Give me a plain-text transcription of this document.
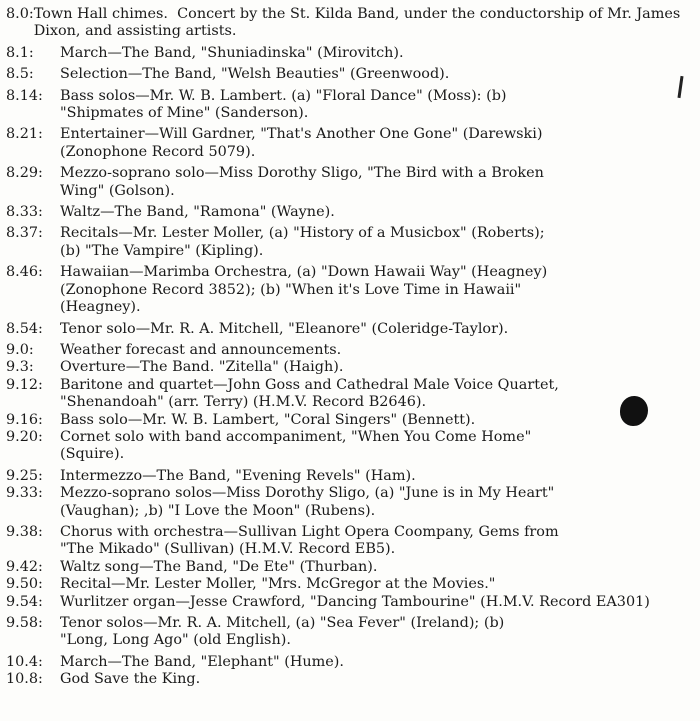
8.0: Town Hall chimes.  Concert by the St. Kilda Band, under the conductorship of Mr. James Dixon, and assisting artists.
8.1:	March—The Band, "Shuniadinska" (Mirovitch).
8.5:	Selection—The Band, "Welsh Beauties" (Greenwood).
8.14:	Bass solos—Mr. W. B. Lambert. (a) "Floral Dance" (Moss): (b)
"Shipmates of Mine" (Sanderson).
8.21:	Entertainer—Will Gardner, "That's Another One Gone" (Darewski)
(Zonophone Record 5079).
8.29:	Mezzo-soprano solo—Miss Dorothy Sligo, "The Bird with a Broken
Wing" (Golson).
8.33:	Waltz—The Band, "Ramona" (Wayne).
8.37:	Recitals—Mr. Lester Moller, (a) "History of a Musicbox" (Roberts);
(b) "The Vampire" (Kipling).
8.46:	Hawaiian—Marimba Orchestra, (a) "Down Hawaii Way" (Heagney)
(Zonophone Record 3852); (b) "When it's Love Time in Hawaii"
(Heagney).
8.54:	Tenor solo—Mr. R. A. Mitchell, "Eleanore" (Coleridge-Taylor).
9.0:	Weather forecast and announcements.
9.3:	Overture—The Band. "Zitella" (Haigh).
9.12:	Baritone and quartet—John Goss and Cathedral Male Voice Quartet,
"Shenandoah" (arr. Terry) (H.M.V. Record B2646).
9.16:	Bass solo—Mr. W. B. Lambert, "Coral Singers" (Bennett).
9.20:	Cornet solo with band accompaniment, "When You Come Home"
(Squire).
9.25:	Intermezzo—The Band, "Evening Revels" (Ham).
9.33:	Mezzo-soprano solos—Miss Dorothy Sligo, (a) "June is in My Heart"
(Vaughan); ,b) "I Love the Moon" (Rubens).
9.38:	Chorus with orchestra—Sullivan Light Opera Coompany, Gems from
"The Mikado" (Sullivan) (H.M.V. Record EB5).
9.42:	Waltz song—The Band, "De Ete" (Thurban).
9.50:	Recital—Mr. Lester Moller, "Mrs. McGregor at the Movies."
9.54:	Wurlitzer organ—Jesse Crawford, "Dancing Tambourine" (H.M.V. Record EA301)
9.58:	Tenor solos—Mr. R. A. Mitchell, (a) "Sea Fever" (Ireland); (b)
"Long, Long Ago" (old English).
10.4:	March—The Band, "Elephant" (Hume).
10.8:	God Save the King.
